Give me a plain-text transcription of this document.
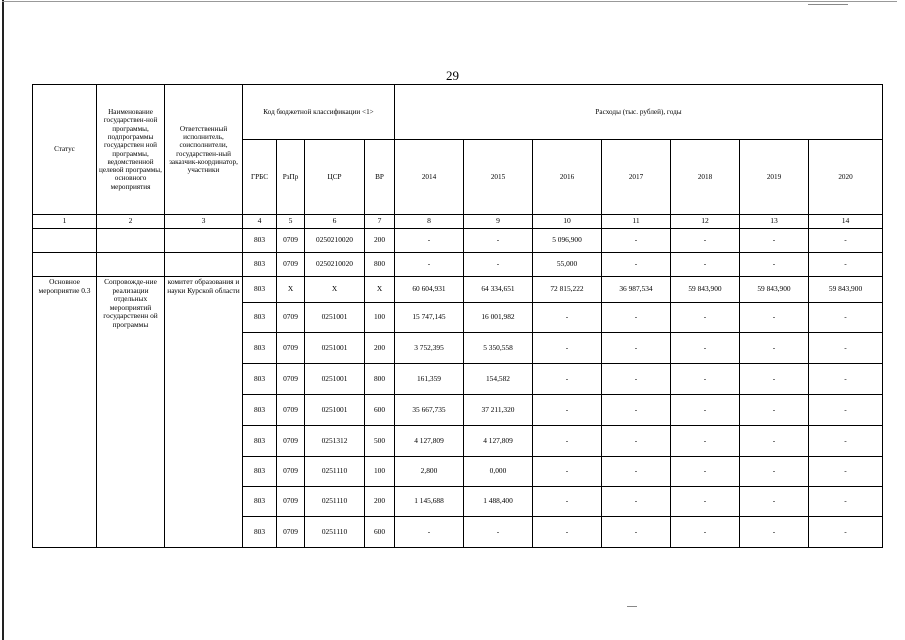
29
Статус	Наименование государствен-ной программы, подпрограммы государствен ной программы, ведомственной целевой программы, основного мероприятия	Ответственный исполнитель, соисполнители, государствен-ный заказчик-координатор, участники	Код бюджетной классификации <1>				Расходы (тыс. рублей), годы						
			ГРБС	РзПр	ЦСР	ВР	2014	2015	2016	2017	2018	2019	2020
1	2	3	4	5	6	7	8	9	10	11	12	13	14
			803	0709	0250210020	200	-	-	5 096,900	-	-	-	-
			803	0709	0250210020	800	-	-	55,000	-	-	-	-
Основное мероприятие 0.3	Сопровожде-ние реализации отдельных мероприятий государственн ой программы	комитет образования и науки Курской области	803	Х	Х	Х	60 604,931	64 334,651	72 815,222	36 987,534	59 843,900	59 843,900	59 843,900
			803	0709	0251001	100	15 747,145	16 001,982	-	-	-	-	-
			803	0709	0251001	200	3 752,395	5 350,558	-	-	-	-	-
			803	0709	0251001	800	161,359	154,582	-	-	-	-	-
			803	0709	0251001	600	35 667,735	37 211,320	-	-	-	-	-
			803	0709	0251312	500	4 127,809	4 127,809	-	-	-	-	-
			803	0709	0251110	100	2,800	0,000	-	-	-	-	-
			803	0709	0251110	200	1 145,688	1 488,400	-	-	-	-	-
			803	0709	0251110	600	-	-	-	-	-	-	-
